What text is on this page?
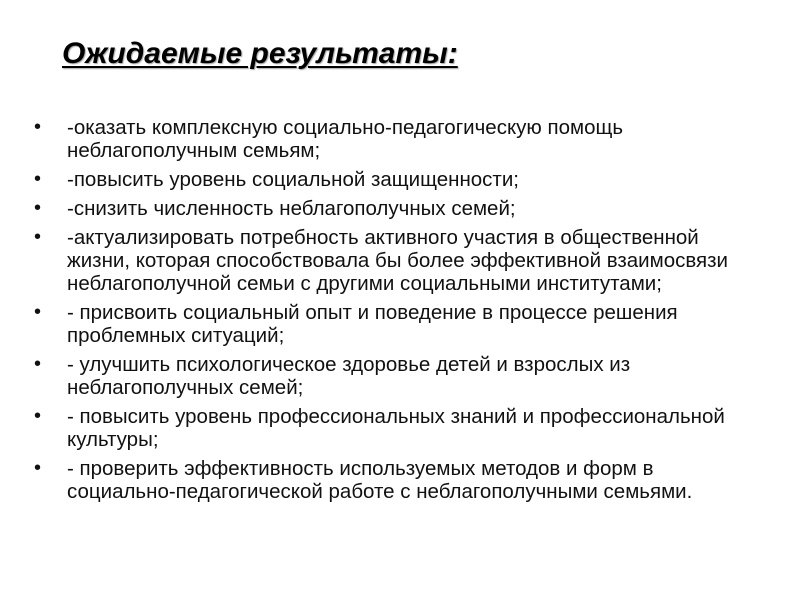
Ожидаемые результаты:
•	-оказать комплексную социально-педагогическую помощь неблагополучным семьям;
•	-повысить уровень социальной защищенности;
•	-снизить численность неблагополучных семей;
•	-актуализировать потребность активного участия в общественной жизни, которая способствовала бы более эффективной взаимосвязи неблагополучной семьи с другими социальными институтами;
•	- присвоить социальный опыт и поведение в процессе решения проблемных ситуаций;
•	- улучшить психологическое здоровье детей и взрослых из неблагополучных семей;
•	- повысить уровень профессиональных знаний и профессиональной культуры;
•	- проверить эффективность используемых методов и форм в социально-педагогической работе с неблагополучными семьями.
